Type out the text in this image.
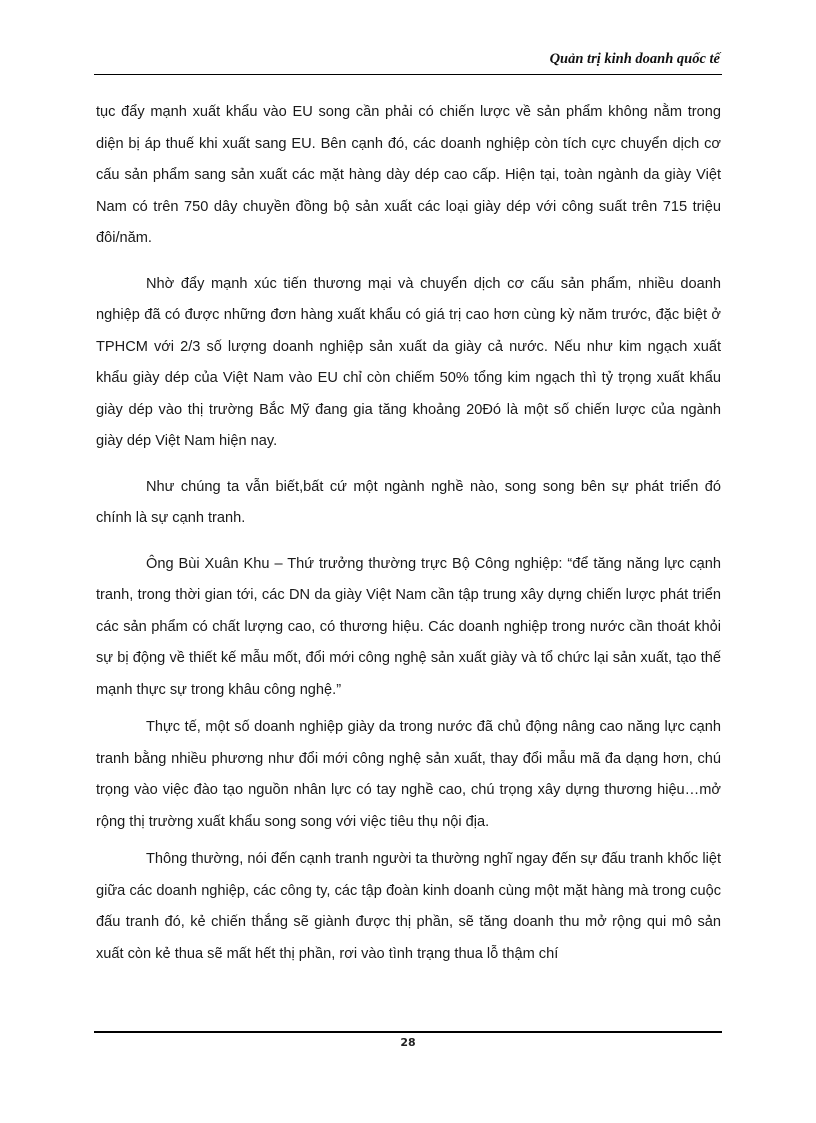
Quản trị kinh doanh quốc tế

tục đẩy mạnh xuất khẩu vào EU song cần phải có chiến lược về sản phẩm không nằm trong diện bị áp thuế khi xuất sang EU. Bên cạnh đó, các doanh nghiệp còn tích cực chuyển dịch cơ cấu sản phẩm sang sản xuất các mặt hàng dày dép cao cấp. Hiện tại, toàn ngành da giày Việt Nam có trên 750 dây chuyền đồng bộ sản xuất các loại giày dép với công suất trên 715 triệu đôi/năm.

Nhờ đẩy mạnh xúc tiến thương mại và chuyển dịch cơ cấu sản phẩm, nhiều doanh nghiệp đã có được những đơn hàng xuất khẩu có giá trị cao hơn cùng kỳ năm trước, đặc biệt ở TPHCM với 2/3 số lượng doanh nghiệp sản xuất da giày cả nước. Nếu như kim ngạch xuất khẩu giày dép của Việt Nam vào EU chỉ còn chiếm 50% tổng kim ngạch thì tỷ trọng xuất khẩu giày dép vào thị trường Bắc Mỹ đang gia tăng khoảng 20Đó là một số chiến lược của ngành giày dép Việt Nam hiện nay.

Như chúng ta vẫn biết,bất cứ một ngành nghề nào, song song bên sự phát triển đó chính là sự cạnh tranh.

Ông Bùi Xuân Khu – Thứ trưởng thường trực Bộ Công nghiệp: “để tăng năng lực cạnh tranh, trong thời gian tới, các DN da giày Việt Nam cần tập trung xây dựng chiến lược phát triển các sản phẩm có chất lượng cao, có thương hiệu. Các doanh nghiệp trong nước cần thoát khỏi sự bị động về thiết kế mẫu mốt, đổi mới công nghệ sản xuất giày và tổ chức lại sản xuất, tạo thế mạnh thực sự trong khâu công nghệ.”

Thực tế, một số doanh nghiệp giày da trong nước đã chủ động nâng cao năng lực cạnh tranh bằng nhiều phương như đổi mới công nghệ sản xuất, thay đổi mẫu mã đa dạng hơn, chú trọng vào việc đào tạo nguồn nhân lực có tay nghề cao, chú trọng xây dựng thương hiệu…mở rộng thị trường xuất khẩu song song với việc tiêu thụ nội địa.

Thông thường, nói đến cạnh tranh người ta thường nghĩ ngay đến sự đấu tranh khốc liệt giữa các doanh nghiệp, các công ty, các tập đoàn kinh doanh cùng một mặt hàng mà trong cuộc đấu tranh đó, kẻ chiến thắng sẽ giành được thị phần, sẽ tăng doanh thu mở rộng qui mô sản xuất còn kẻ thua sẽ mất hết thị phần, rơi vào tình trạng thua lỗ thậm chí

28
